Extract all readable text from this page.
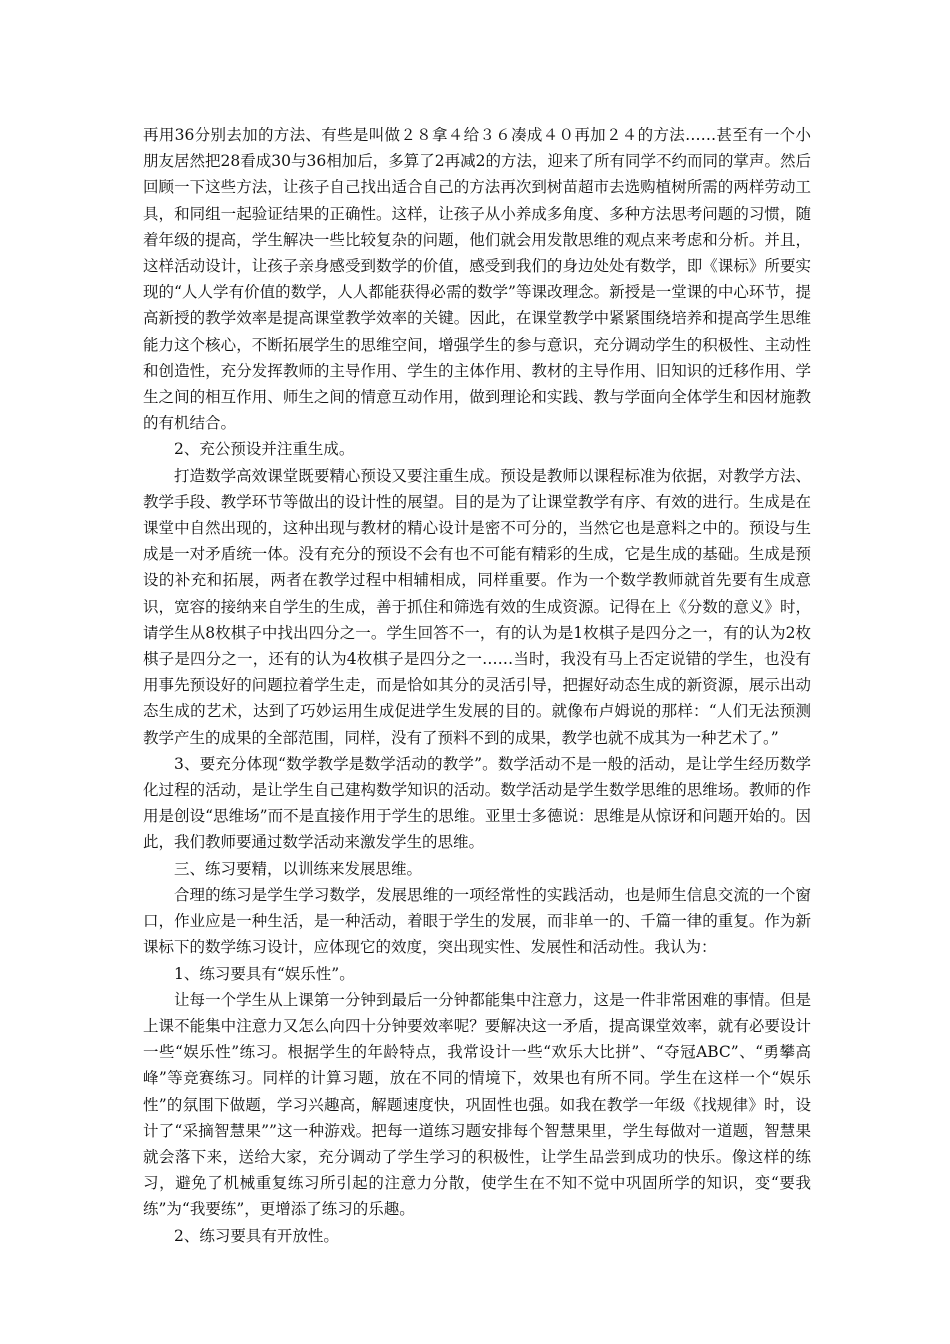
再用36分别去加的方法、有些是叫做２８拿４给３６凑成４０再加２４的方法……甚至有一个小朋友居然把28看成30与36相加后，多算了2再减2的方法，迎来了所有同学不约而同的掌声。然后回顾一下这些方法，让孩子自己找出适合自己的方法再次到树苗超市去选购植树所需的两样劳动工具，和同组一起验证结果的正确性。这样，让孩子从小养成多角度、多种方法思考问题的习惯，随着年级的提高，学生解决一些比较复杂的问题，他们就会用发散思维的观点来考虑和分析。并且，这样活动设计，让孩子亲身感受到数学的价值，感受到我们的身边处处有数学，即《课标》所要实现的“人人学有价值的数学，人人都能获得必需的数学”等课改理念。新授是一堂课的中心环节，提高新授的教学效率是提高课堂教学效率的关键。因此，在课堂教学中紧紧围绕培养和提高学生思维能力这个核心，不断拓展学生的思维空间，增强学生的参与意识，充分调动学生的积极性、主动性和创造性，充分发挥教师的主导作用、学生的主体作用、教材的主导作用、旧知识的迁移作用、学生之间的相互作用、师生之间的情意互动作用，做到理论和实践、教与学面向全体学生和因材施教的有机结合。

2、充公预设并注重生成。

打造数学高效课堂既要精心预设又要注重生成。预设是教师以课程标准为依据，对教学方法、教学手段、教学环节等做出的设计性的展望。目的是为了让课堂教学有序、有效的进行。生成是在课堂中自然出现的，这种出现与教材的精心设计是密不可分的，当然它也是意料之中的。预设与生成是一对矛盾统一体。没有充分的预设不会有也不可能有精彩的生成，它是生成的基础。生成是预设的补充和拓展，两者在教学过程中相辅相成，同样重要。作为一个数学教师就首先要有生成意识，宽容的接纳来自学生的生成，善于抓住和筛选有效的生成资源。记得在上《分数的意义》时，请学生从8枚棋子中找出四分之一。学生回答不一，有的认为是1枚棋子是四分之一，有的认为2枚棋子是四分之一，还有的认为4枚棋子是四分之一……当时，我没有马上否定说错的学生，也没有用事先预设好的问题拉着学生走，而是恰如其分的灵活引导，把握好动态生成的新资源，展示出动态生成的艺术，达到了巧妙运用生成促进学生发展的目的。就像布卢姆说的那样：“人们无法预测教学产生的成果的全部范围，同样，没有了预料不到的成果，教学也就不成其为一种艺术了。”

3、要充分体现“数学教学是数学活动的教学”。数学活动不是一般的活动，是让学生经历数学化过程的活动，是让学生自己建构数学知识的活动。数学活动是学生数学思维的思维场。教师的作用是创设“思维场”而不是直接作用于学生的思维。亚里士多德说：思维是从惊讶和问题开始的。因此，我们教师要通过数学活动来激发学生的思维。

三、练习要精，以训练来发展思维。

合理的练习是学生学习数学，发展思维的一项经常性的实践活动，也是师生信息交流的一个窗口，作业应是一种生活，是一种活动，着眼于学生的发展，而非单一的、千篇一律的重复。作为新课标下的数学练习设计，应体现它的效度，突出现实性、发展性和活动性。我认为：

1、练习要具有“娱乐性”。

让每一个学生从上课第一分钟到最后一分钟都能集中注意力，这是一件非常困难的事情。但是上课不能集中注意力又怎么向四十分钟要效率呢？要解决这一矛盾，提高课堂效率，就有必要设计一些“娱乐性”练习。根据学生的年龄特点，我常设计一些“欢乐大比拼”、“夺冠ABC”、“勇攀高峰”等竞赛练习。同样的计算习题，放在不同的情境下，效果也有所不同。学生在这样一个“娱乐性”的氛围下做题，学习兴趣高，解题速度快，巩固性也强。如我在教学一年级《找规律》时，设计了“采摘智慧果””这一种游戏。把每一道练习题安排每个智慧果里，学生每做对一道题，智慧果就会落下来，送给大家，充分调动了学生学习的积极性，让学生品尝到成功的快乐。像这样的练习，避免了机械重复练习所引起的注意力分散，使学生在不知不觉中巩固所学的知识，变“要我练”为“我要练”，更增添了练习的乐趣。

2、练习要具有开放性。
